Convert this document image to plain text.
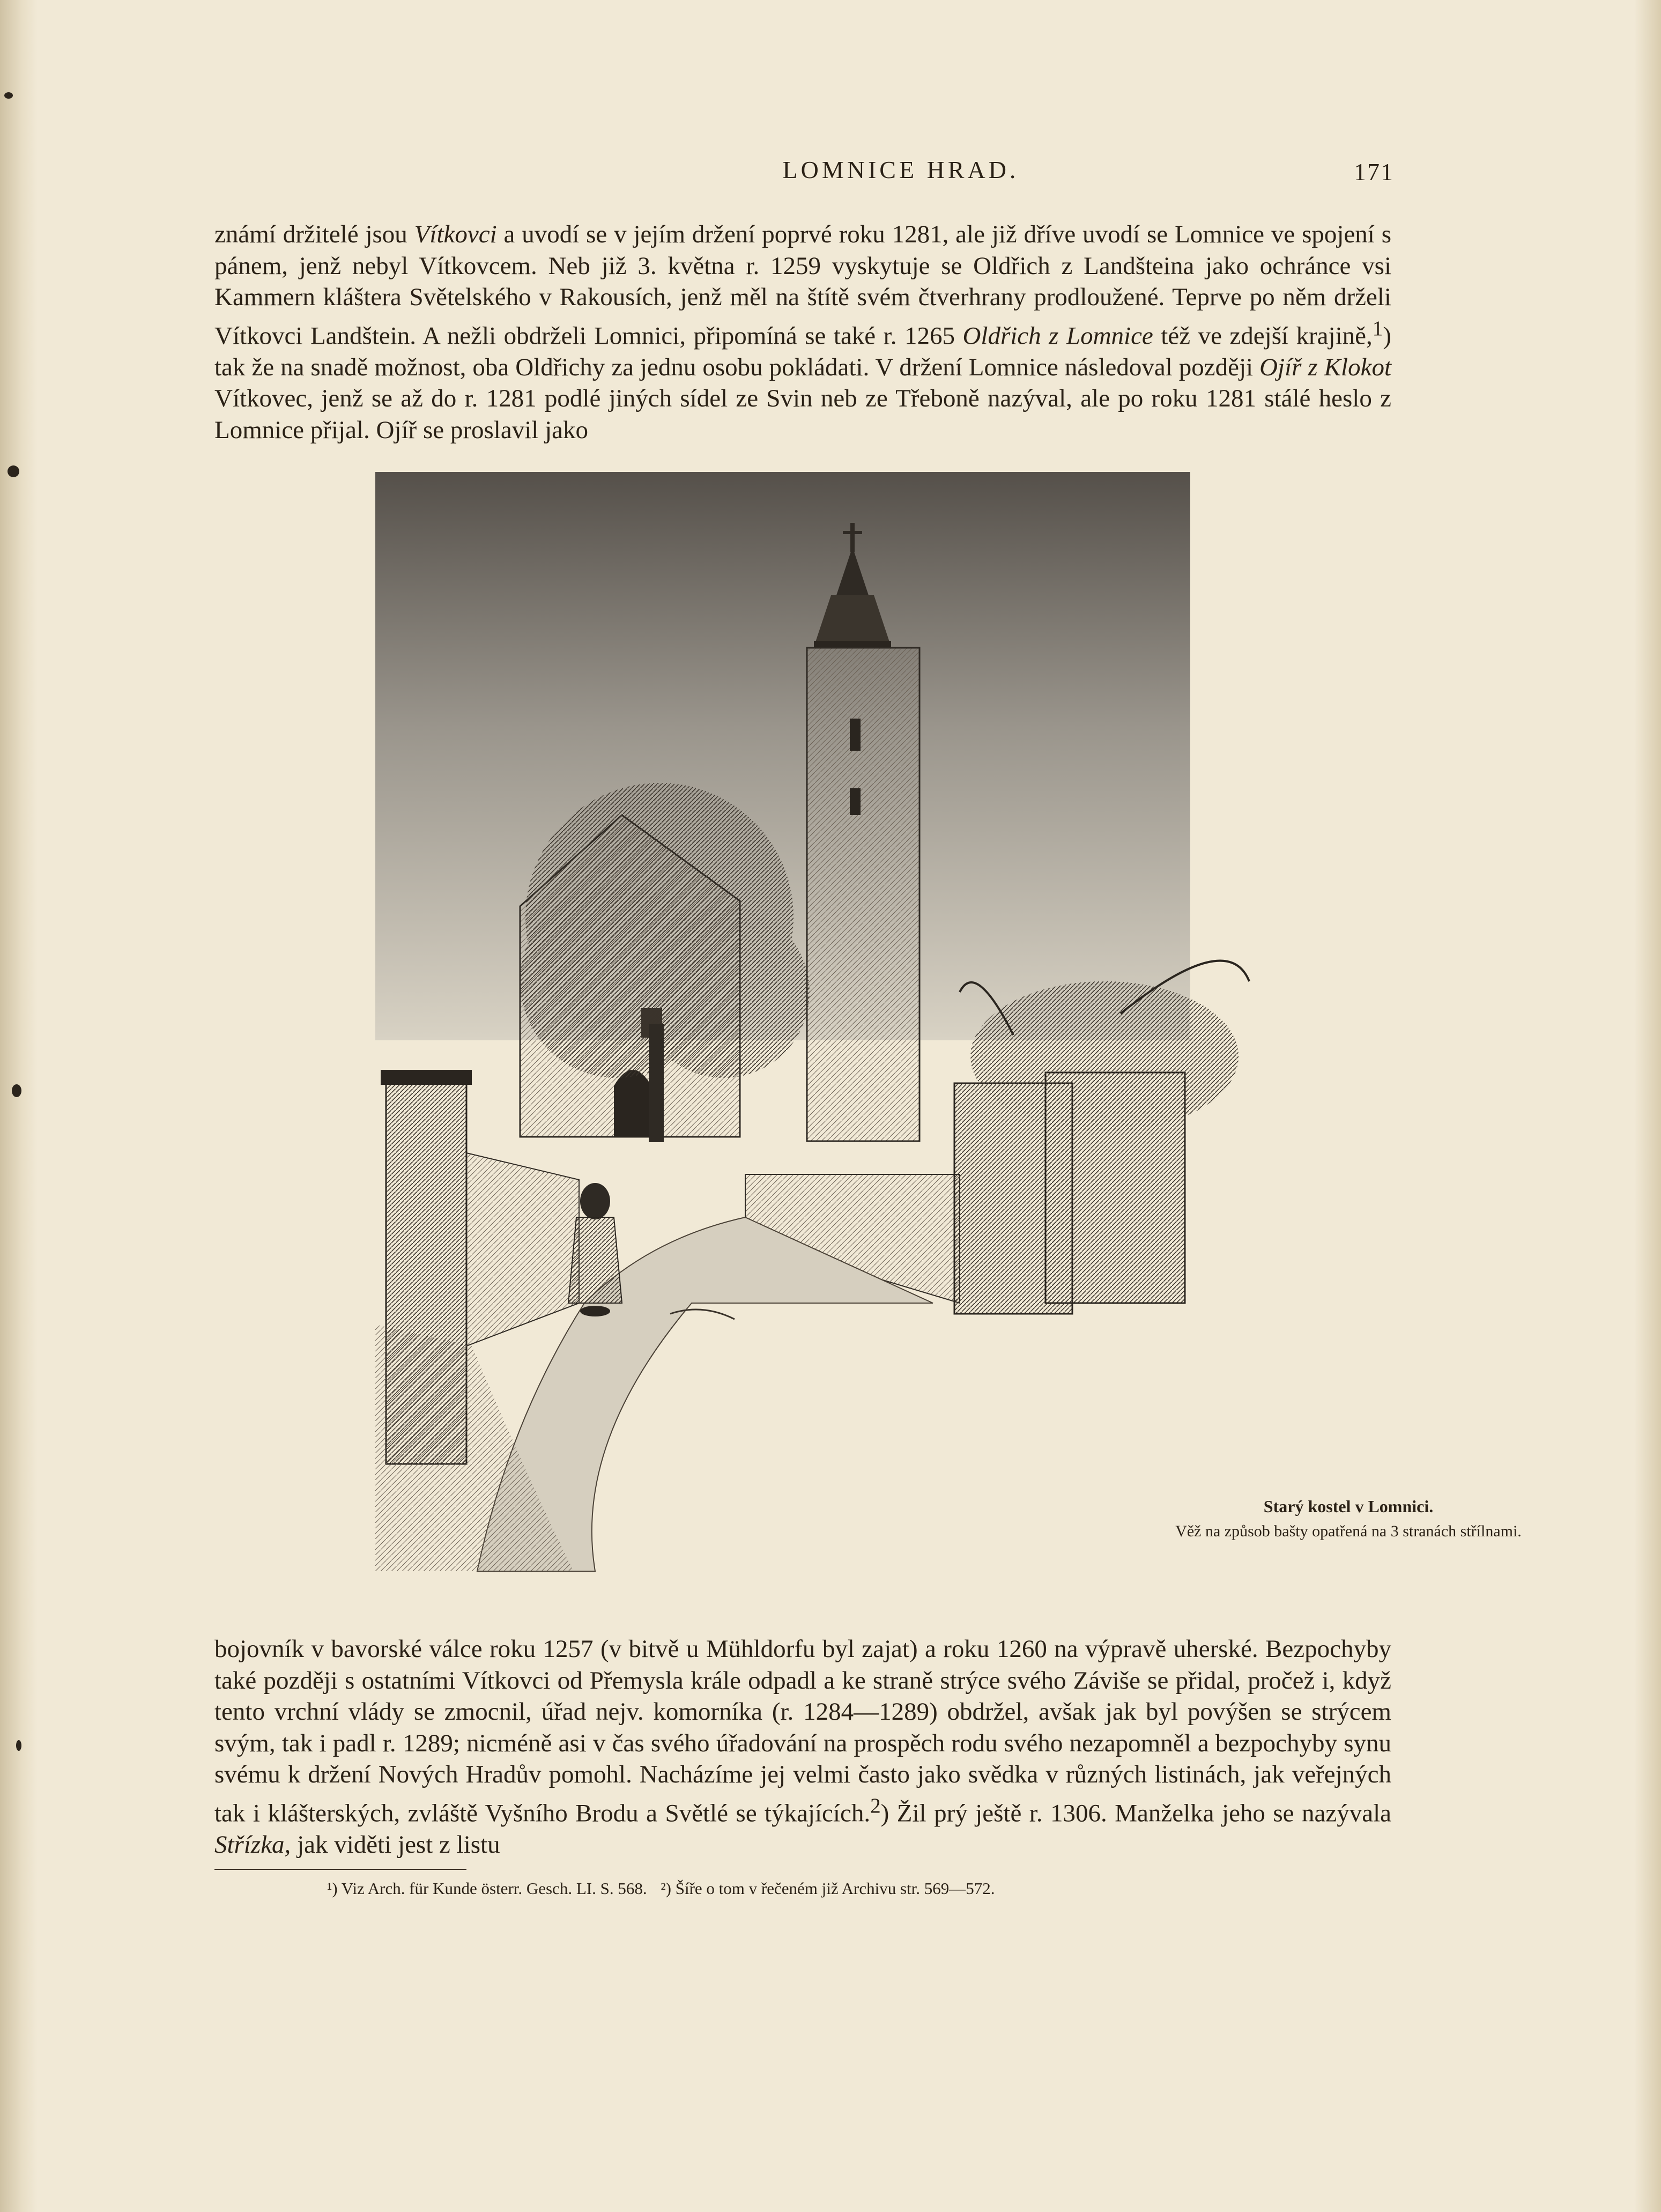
LOMNICE HRAD.	171

známí držitelé jsou Vítkovci a uvodí se v jejím držení poprvé roku 1281, ale již dříve uvodí se Lomnice ve spojení s pánem, jenž nebyl Vítkovcem. Neb již 3. května r. 1259 vyskytuje se Oldřich z Landšteina jako ochránce vsi Kammern kláštera Světelského v Rakousích, jenž měl na štítě svém čtverhrany prodloužené. Teprve po něm drželi Vítkovci Landštein. A nežli obdrželi Lomnici, připomíná se také r. 1265 Oldřich z Lomnice též ve zdejší krajině,$^1$) tak že na snadě možnost, oba Oldřichy za jednu osobu pokládati. V držení Lomnice následoval později Ojíř z Klokot Vítkovec, jenž se až do r. 1281 podlé jiných sídel ze Svin neb ze Třeboně nazýval, ale po roku 1281 stálé heslo z Lomnice přijal. Ojíř se proslavil jako

Starý kostel v Lomnici.
Věž na způsob bašty opatřená na 3 stranách střílnami.

bojovník v bavorské válce roku 1257 (v bitvě u Mühldorfu byl zajat) a roku 1260 na výpravě uherské. Bezpochyby také později s ostatními Vítkovci od Přemysla krále odpadl a ke straně strýce svého Záviše se přidal, pročež i, když tento vrchní vlády se zmocnil, úřad nejv. komorníka (r. 1284—1289) obdržel, avšak jak byl povýšen se strýcem svým, tak i padl r. 1289; nicméně asi v čas svého úřadování na prospěch rodu svého nezapomněl a bezpochyby synu svému k držení Nových Hradův pomohl. Nacházíme jej velmi často jako svědka v různých listinách, jak veřejných tak i klášterských, zvláště Vyšního Brodu a Světlé se týkajících.$^2$) Žil prý ještě r. 1306. Manželka jeho se nazývala Střízka, jak viděti jest z listu

¹) Viz Arch. für Kunde österr. Gesch. LI. S. 568. ²) Šíře o tom v řečeném již Archivu str. 569—572.
